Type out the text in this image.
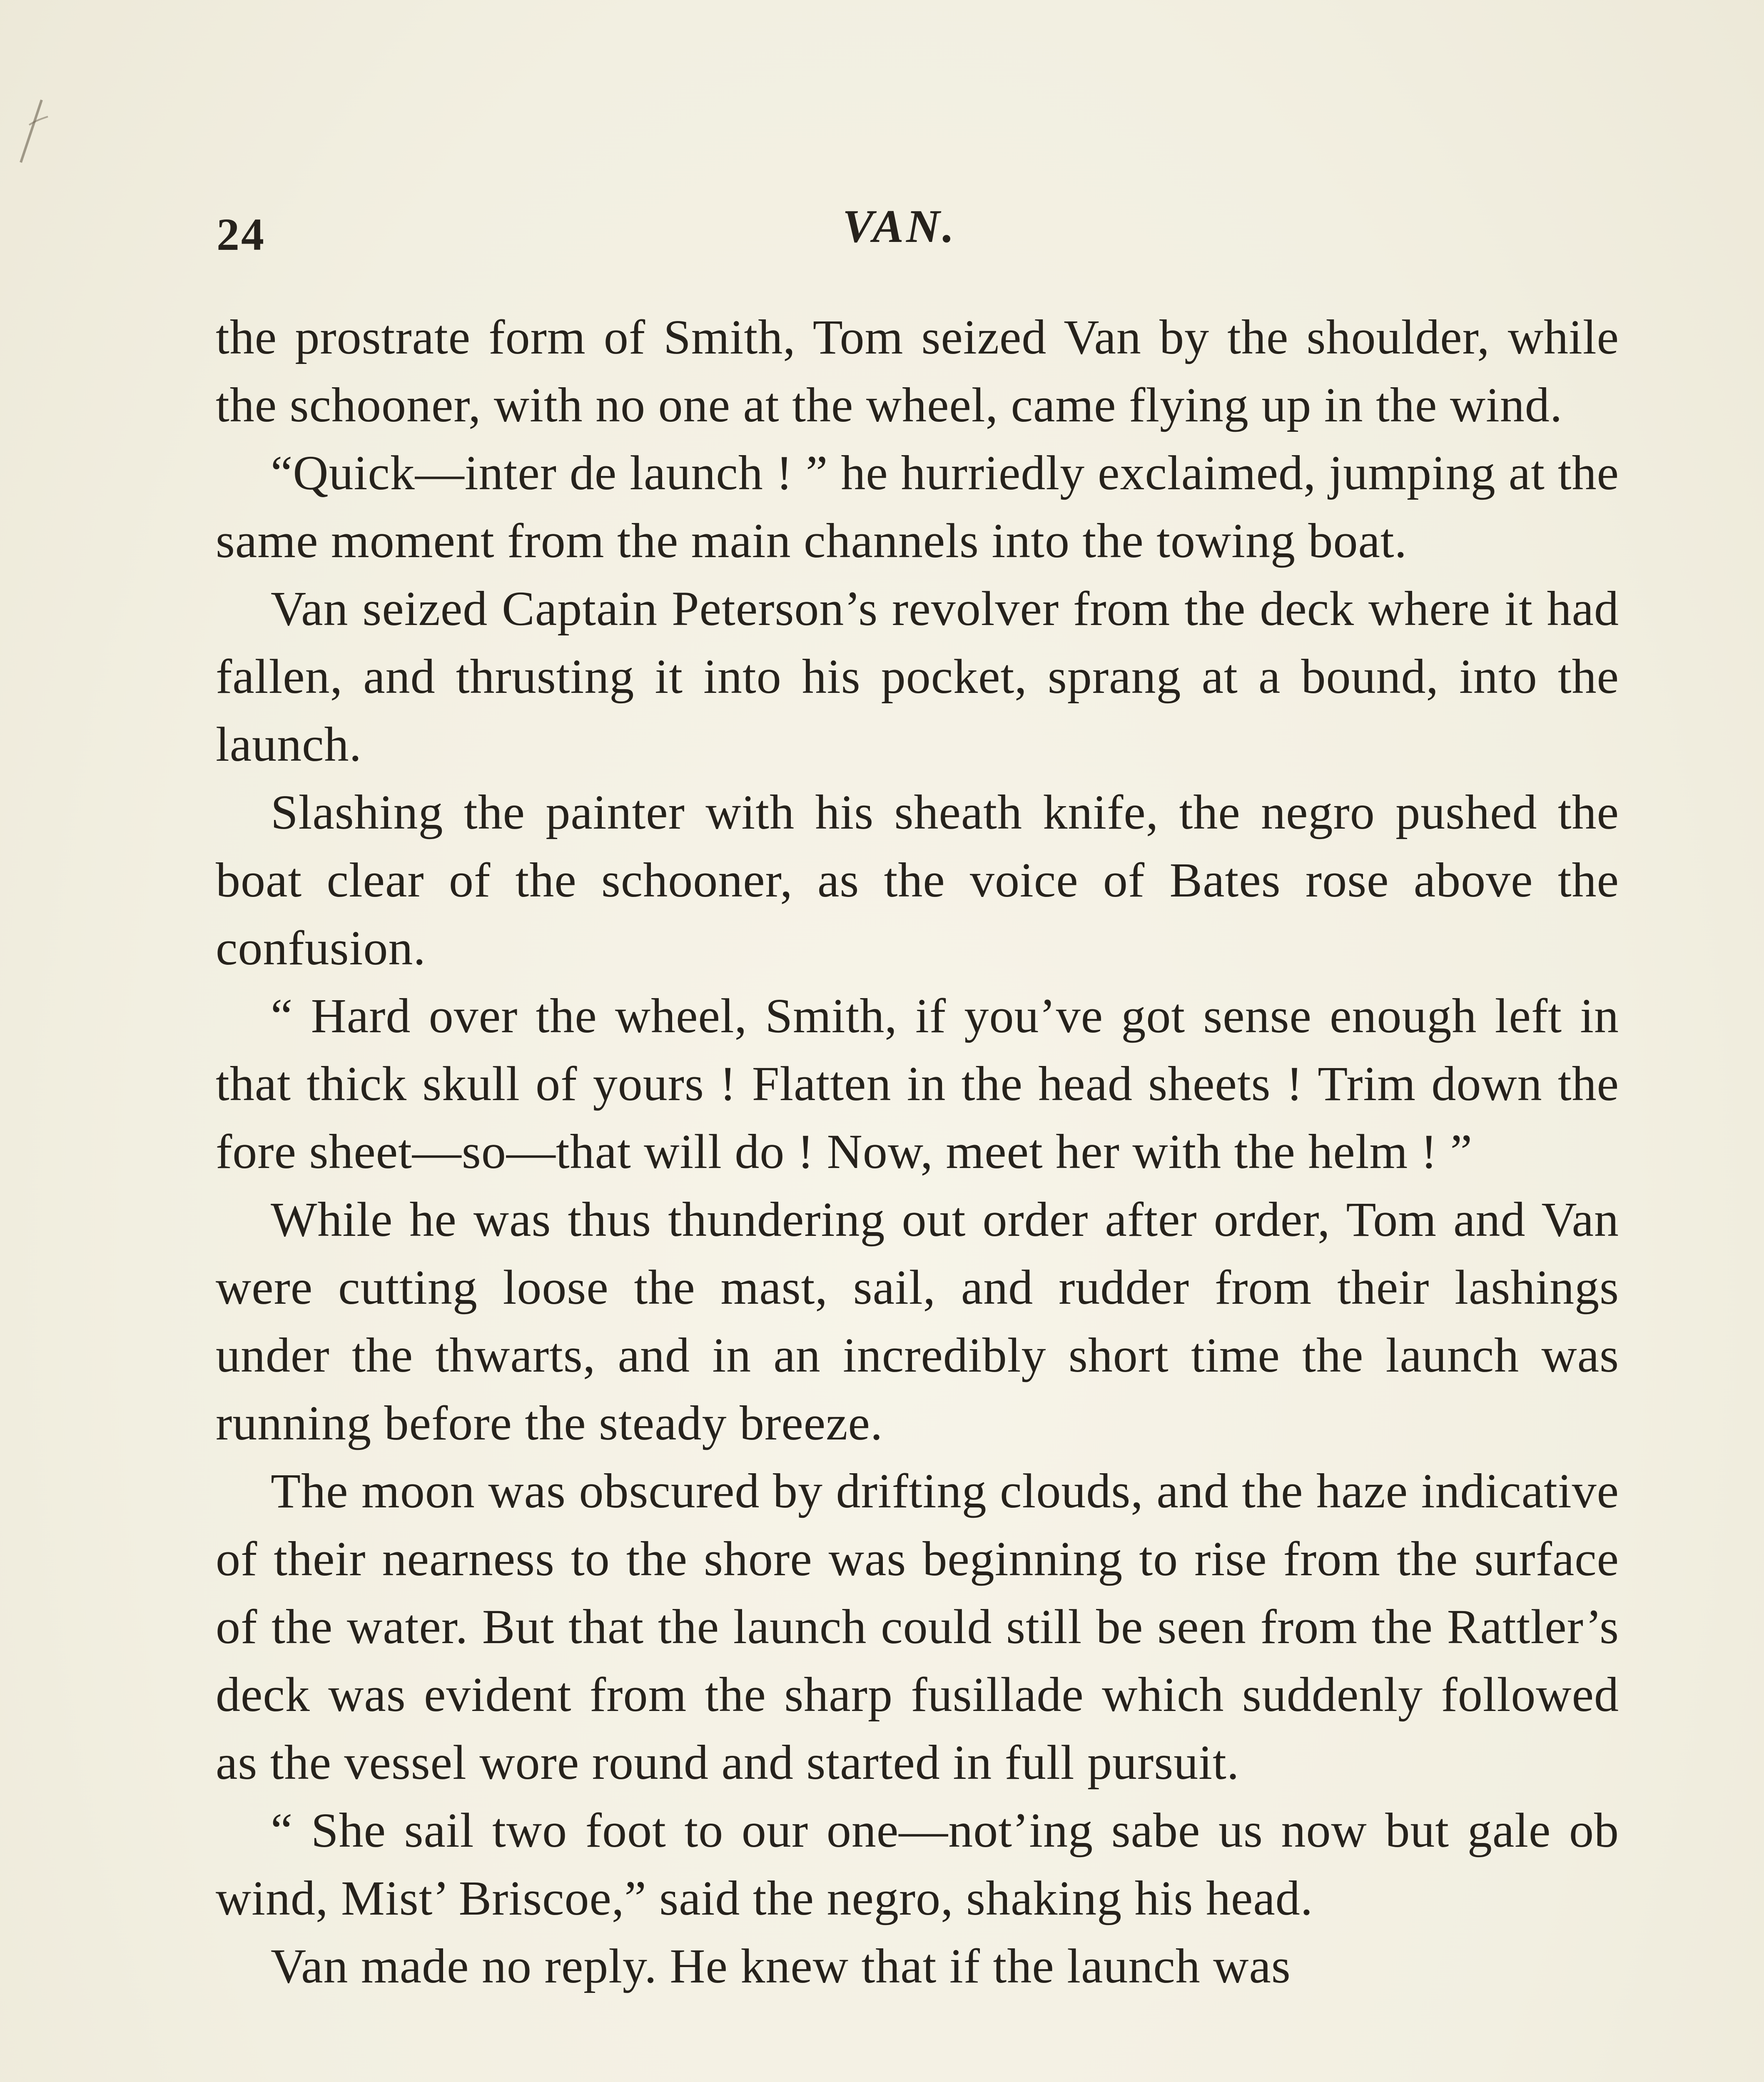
24	VAN.

the prostrate form of Smith, Tom seized Van by the shoulder, while the schooner, with no one at the wheel, came flying up in the wind.

“Quick—inter de launch ! ” he hurriedly exclaimed, jumping at the same moment from the main channels into the towing boat.

Van seized Captain Peterson’s revolver from the deck where it had fallen, and thrusting it into his pocket, sprang at a bound, into the launch.

Slashing the painter with his sheath knife, the negro pushed the boat clear of the schooner, as the voice of Bates rose above the confusion.

“ Hard over the wheel, Smith, if you’ve got sense enough left in that thick skull of yours ! Flatten in the head sheets ! Trim down the fore sheet—so—that will do ! Now, meet her with the helm ! ”

While he was thus thundering out order after order, Tom and Van were cutting loose the mast, sail, and rudder from their lashings under the thwarts, and in an incredibly short time the launch was running before the steady breeze.

The moon was obscured by drifting clouds, and the haze indicative of their nearness to the shore was beginning to rise from the surface of the water. But that the launch could still be seen from the Rattler’s deck was evident from the sharp fusillade which suddenly followed as the vessel wore round and started in full pursuit.

“ She sail two foot to our one—not’ing sabe us now but gale ob wind, Mist’ Briscoe,” said the negro, shaking his head.

Van made no reply. He knew that if the launch was
